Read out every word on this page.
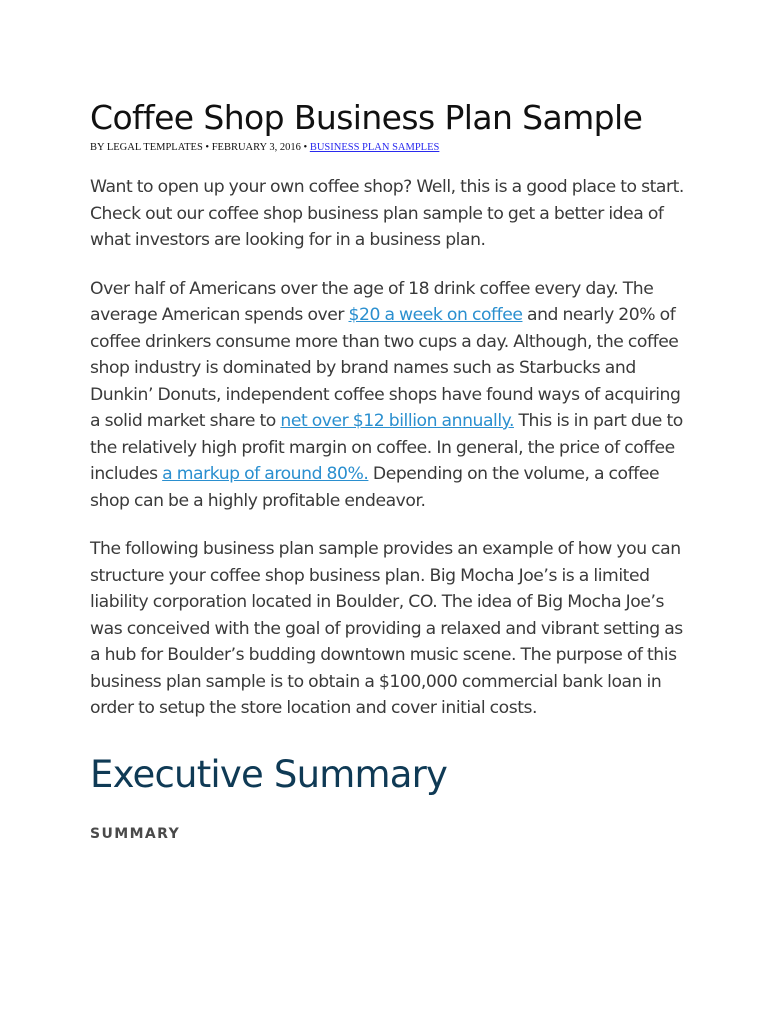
Coffee Shop Business Plan Sample
BY LEGAL TEMPLATES • FEBRUARY 3, 2016 • BUSINESS PLAN SAMPLES

Want to open up your own coffee shop? Well, this is a good place to start. Check out our coffee shop business plan sample to get a better idea of what investors are looking for in a business plan.

Over half of Americans over the age of 18 drink coffee every day. The average American spends over $20 a week on coffee and nearly 20% of coffee drinkers consume more than two cups a day. Although, the coffee shop industry is dominated by brand names such as Starbucks and Dunkin’ Donuts, independent coffee shops have found ways of acquiring a solid market share to net over $12 billion annually. This is in part due to the relatively high profit margin on coffee. In general, the price of coffee includes a markup of around 80%. Depending on the volume, a coffee shop can be a highly profitable endeavor.

The following business plan sample provides an example of how you can structure your coffee shop business plan. Big Mocha Joe’s is a limited liability corporation located in Boulder, CO. The idea of Big Mocha Joe’s was conceived with the goal of providing a relaxed and vibrant setting as a hub for Boulder’s budding downtown music scene. The purpose of this business plan sample is to obtain a $100,000 commercial bank loan in order to setup the store location and cover initial costs.

Executive Summary
SUMMARY
